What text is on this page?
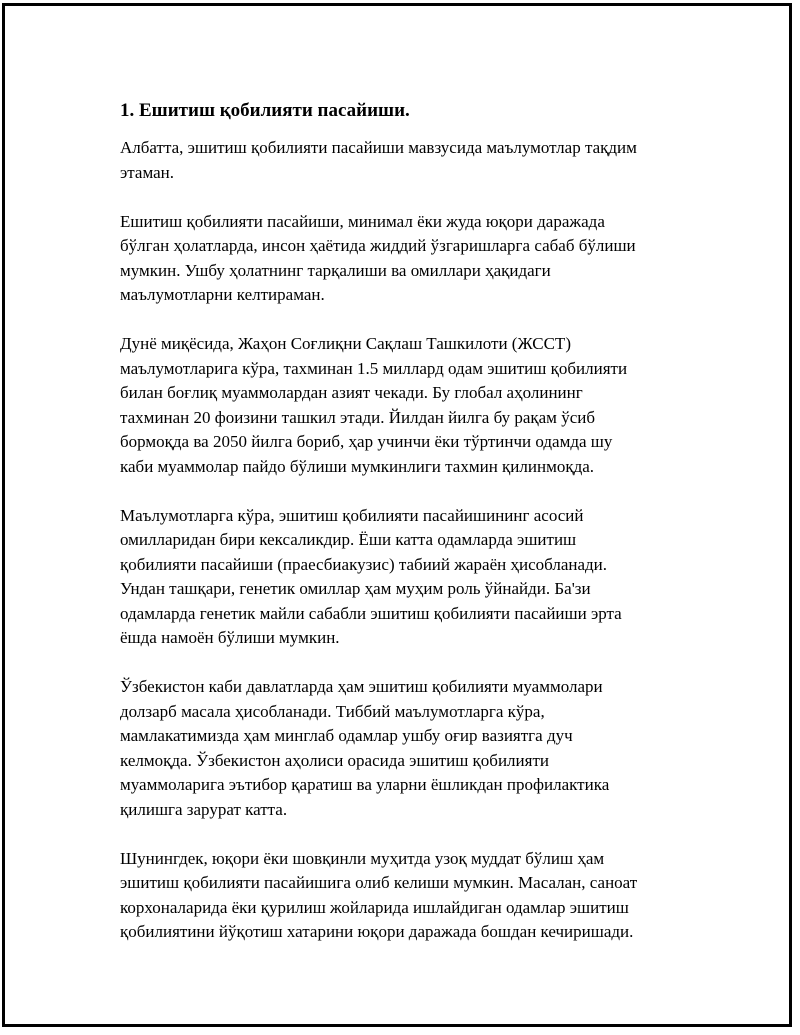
1. Ешитиш қобилияти пасайиши.

Албатта, эшитиш қобилияти пасайиши мавзусида маълумотлар тақдим
этаман.

Ешитиш қобилияти пасайиши, минимал ёки жуда юқори даражада
бўлган ҳолатларда, инсон ҳаётида жиддий ўзгаришларга сабаб бўлиши
мумкин. Ушбу ҳолатнинг тарқалиши ва омиллари ҳақидаги
маълумотларни келтираман.

Дунё миқёсида, Жаҳон Соғлиқни Сақлаш Ташкилоти (ЖССТ)
маълумотларига кўра, тахминан 1.5 миллард одам эшитиш қобилияти
билан боғлиқ муаммолардан азият чекади. Бу глобал аҳолининг
тахминан 20 фоизини ташкил этади. Йилдан йилга бу рақам ўсиб
бормоқда ва 2050 йилга бориб, ҳар учинчи ёки тўртинчи одамда шу
каби муаммолар пайдо бўлиши мумкинлиги тахмин қилинмоқда.

Маълумотларга кўра, эшитиш қобилияти пасайишининг асосий
омилларидан бири кексаликдир. Ёши катта одамларда эшитиш
қобилияти пасайиши (праесбиакузис) табиий жараён ҳисобланади.
Ундан ташқари, генетик омиллар ҳам муҳим роль ўйнайди. Ба'зи
одамларда генетик майли сабабли эшитиш қобилияти пасайиши эрта
ёшда намоён бўлиши мумкин.

Ўзбекистон каби давлатларда ҳам эшитиш қобилияти муаммолари
долзарб масала ҳисобланади. Тиббий маълумотларга кўра,
мамлакатимизда ҳам минглаб одамлар ушбу оғир вазиятга дуч
келмоқда. Ўзбекистон аҳолиси орасида эшитиш қобилияти
муаммоларига эътибор қаратиш ва уларни ёшликдан профилактика
қилишга зарурат катта.

Шунингдек, юқори ёки шовқинли муҳитда узоқ муддат бўлиш ҳам
эшитиш қобилияти пасайишига олиб келиши мумкин. Масалан, саноат
корхоналарида ёки қурилиш жойларида ишлайдиган одамлар эшитиш
қобилиятини йўқотиш хатарини юқори даражада бошдан кечиришади.
